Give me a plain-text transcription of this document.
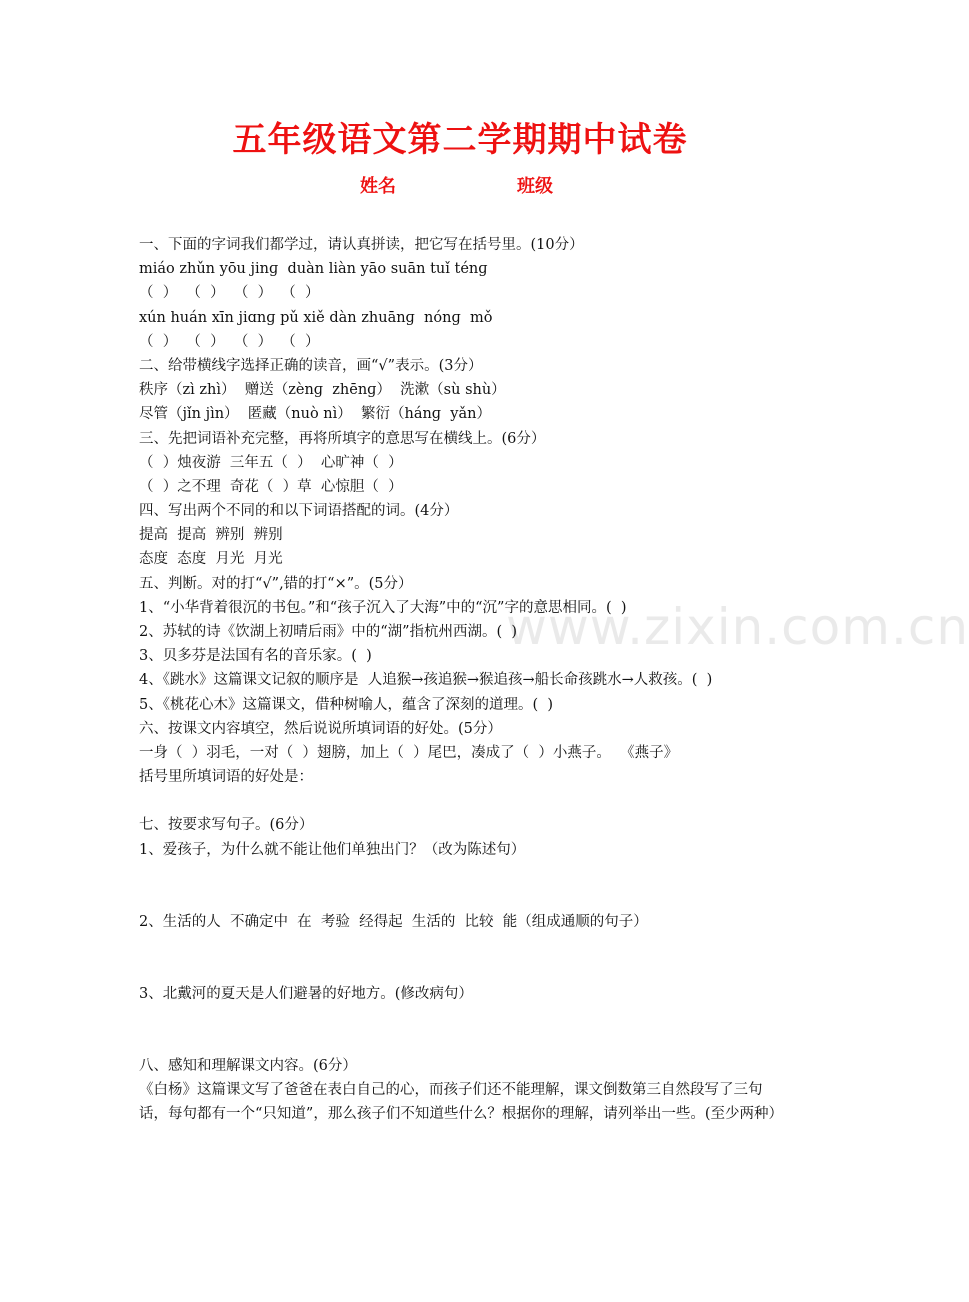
五年级语文第二学期期中试卷
姓名	班级
www.zixin.com.cn
一、下面的字词我们都学过，请认真拼读，把它写在括号里。(10分）
miáo zhǔn yōu jinɡ  duàn liàn yāo suān tuǐ ténɡ
（  ）  （  ）  （  ）  （  ）
xún huán xīn jiɑnɡ pǔ xiě dàn zhuānɡ  nónɡ  mǒ
（  ）  （  ）  （  ）  （  ）
二、给带横线字选择正确的读音，画“√”表示。(3分）
秩序（zì zhì）  赠送（zènɡ  zhēnɡ）  洗漱（sù shù）
尽管（jǐn jìn）  匿藏（nuò nì）  繁衍（hánɡ  yǎn）
三、先把词语补充完整，再将所填字的意思写在横线上。(6分）
（  ）烛夜游  三年五（  ）  心旷神（  ）
（  ）之不理  奇花（  ）草  心惊胆（  ）
四、写出两个不同的和以下词语搭配的词。(4分）
提高  提高  辨别  辨别
态度  态度  月光  月光
五、判断。对的打“√”,错的打“×”。(5分）
1、“小华背着很沉的书包。”和“孩子沉入了大海”中的“沉”字的意思相同。(  )
2、苏轼的诗《饮湖上初晴后雨》中的“湖”指杭州西湖。(  )
3、贝多芬是法国有名的音乐家。(  )
4、《跳水》这篇课文记叙的顺序是  人追猴→孩追猴→猴追孩→船长命孩跳水→人救孩。(  )
5、《桃花心木》这篇课文，借种树喻人，蕴含了深刻的道理。(  )
六、按课文内容填空，然后说说所填词语的好处。(5分）
一身（  ）羽毛，一对（  ）翅膀，加上（  ）尾巴，凑成了（  ）小燕子。  《燕子》
括号里所填词语的好处是：
七、按要求写句子。(6分）
1、爱孩子，为什么就不能让他们单独出门？（改为陈述句）
2、生活的人  不确定中  在  考验  经得起  生活的  比较  能（组成通顺的句子）
3、北戴河的夏天是人们避暑的好地方。(修改病句）
八、感知和理解课文内容。(6分）
《白杨》这篇课文写了爸爸在表白自己的心，而孩子们还不能理解，课文倒数第三自然段写了三句话，每句都有一个“只知道”，那么孩子们不知道些什么？根据你的理解，请列举出一些。(至少两种）
